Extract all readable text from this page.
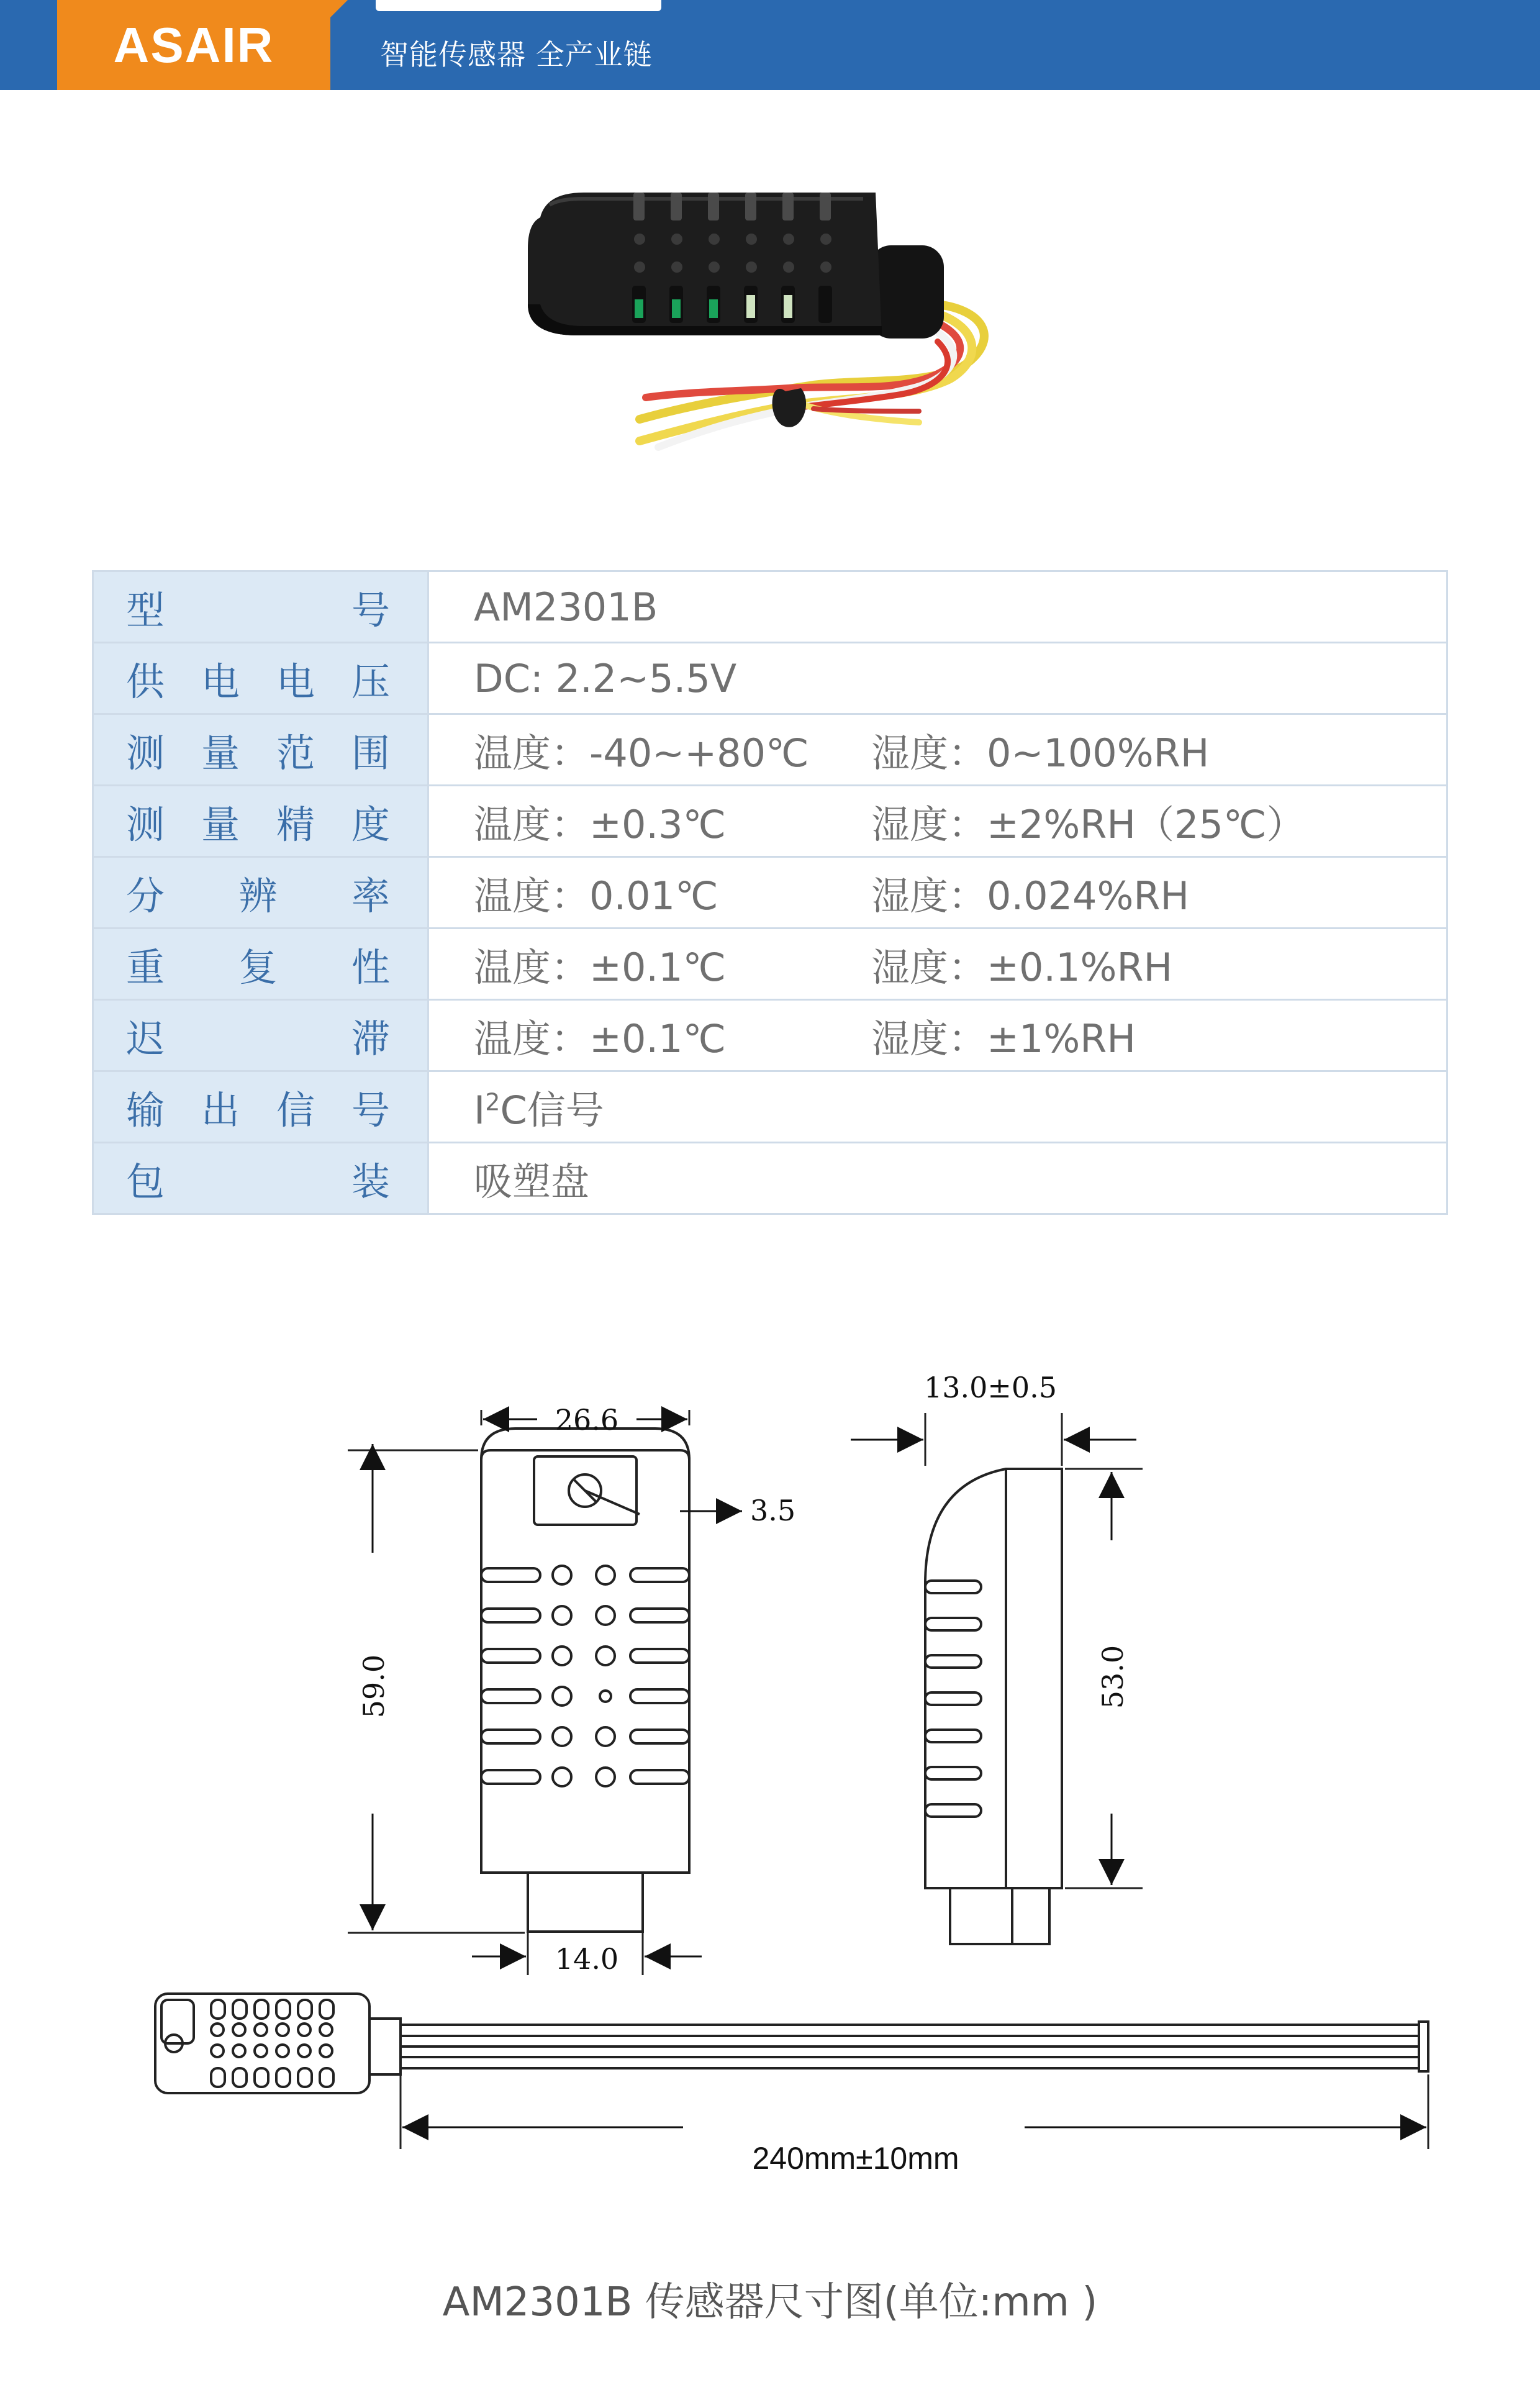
ASAIR	智能传感器 全产业链
型 号	AM2301B

供 电 电 压	DC: 2.2~5.5V

测 量 范 围	温度：-40~+80℃ 湿度：0~100%RH

测 量 精 度	温度：±0.3℃ 湿度：±2%RH（25℃）

分 辨 率	温度：0.01℃ 湿度：0.024%RH

重 复 性	温度：±0.1℃ 湿度：±0.1%RH

迟 滞	温度：±0.1℃ 湿度：±1%RH

输 出 信 号	$I^2C$信号

包 装	吸塑盘
26.6
3.5
59.0
14.0
13.0±0.5
53.0
240mm±10mm
AM2301B 传感器尺寸图(单位:mm )
